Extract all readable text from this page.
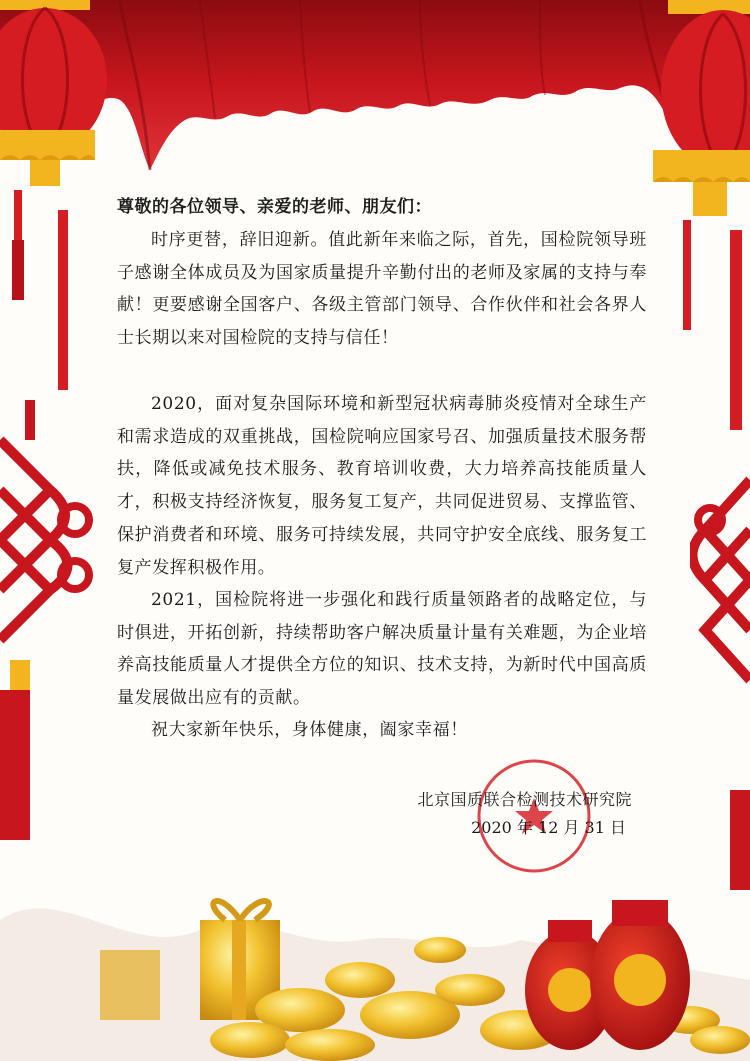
尊敬的各位领导、亲爱的老师、朋友们：

时序更替，辞旧迎新。值此新年来临之际，首先，国检院领导班子感谢全体成员及为国家质量提升辛勤付出的老师及家属的支持与奉献！更要感谢全国客户、各级主管部门领导、合作伙伴和社会各界人士长期以来对国检院的支持与信任！

2020，面对复杂国际环境和新型冠状病毒肺炎疫情对全球生产和需求造成的双重挑战，国检院响应国家号召、加强质量技术服务帮扶，降低或减免技术服务、教育培训收费，大力培养高技能质量人才，积极支持经济恢复，服务复工复产，共同促进贸易、支撑监管、保护消费者和环境、服务可持续发展，共同守护安全底线、服务复工复产发挥积极作用。

2021，国检院将进一步强化和践行质量领路者的战略定位，与时俱进，开拓创新，持续帮助客户解决质量计量有关难题，为企业培养高技能质量人才提供全方位的知识、技术支持，为新时代中国高质量发展做出应有的贡献。

祝大家新年快乐，身体健康，阖家幸福！

北京国质联合检测技术研究院
2020 年 12 月 31 日
